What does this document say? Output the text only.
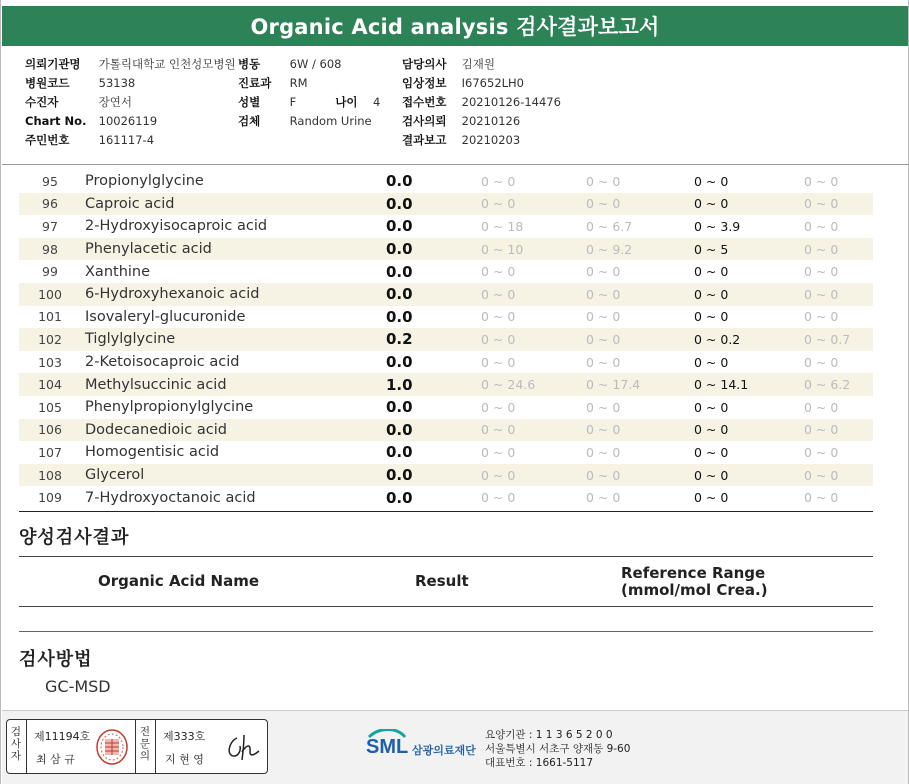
Organic Acid analysis 검사결과보고서
의뢰기관명 가톨릭대학교 인천성모병원
병원코드	53138
수진자	장연서
Chart No. 10026119
주민번호	161117-4
병동	6W / 608
진료과 RM
성별	F	나이 4
검체	Random Urine
담당의사 김재원
임상정보 I67652LH0
접수번호 20210126-14476
검사의뢰 20210126
결과보고 20210203
95	Propionylglycine	0.0	0 ~ 0	0 ~ 0	0 ~ 0	0 ~ 0
96	Caproic acid	0.0	0 ~ 0	0 ~ 0	0 ~ 0	0 ~ 0
97	2-Hydroxyisocaproic acid	0.0	0 ~ 18	0 ~ 6.7	0 ~ 3.9	0 ~ 0
98	Phenylacetic acid	0.0	0 ~ 10	0 ~ 9.2	0 ~ 5	0 ~ 0
99	Xanthine	0.0	0 ~ 0	0 ~ 0	0 ~ 0	0 ~ 0
100	6-Hydroxyhexanoic acid	0.0	0 ~ 0	0 ~ 0	0 ~ 0	0 ~ 0
101	Isovaleryl-glucuronide	0.0	0 ~ 0	0 ~ 0	0 ~ 0	0 ~ 0
102	Tiglylglycine	0.2	0 ~ 0	0 ~ 0	0 ~ 0.2	0 ~ 0.7
103	2-Ketoisocaproic acid	0.0	0 ~ 0	0 ~ 0	0 ~ 0	0 ~ 0
104	Methylsuccinic acid	1.0	0 ~ 24.6	0 ~ 17.4	0 ~ 14.1	0 ~ 6.2
105	Phenylpropionylglycine	0.0	0 ~ 0	0 ~ 0	0 ~ 0	0 ~ 0
106	Dodecanedioic acid	0.0	0 ~ 0	0 ~ 0	0 ~ 0	0 ~ 0
107	Homogentisic acid	0.0	0 ~ 0	0 ~ 0	0 ~ 0	0 ~ 0
108	Glycerol	0.0	0 ~ 0	0 ~ 0	0 ~ 0	0 ~ 0
109	7-Hydroxyoctanoic acid	0.0	0 ~ 0	0 ~ 0	0 ~ 0	0 ~ 0
양성검사결과
Organic Acid Name	Result	Reference Range
(mmol/mol Crea.)
검사방법
GC-MSD
검사자
제11194호
최 삼 규
전문의
제333호
지 현 영
SML 삼광의료재단
요양기관 : 1 1 3 6 5 2 0 0
서울특별시 서초구 양재동 9-60
대표번호 : 1661-5117
